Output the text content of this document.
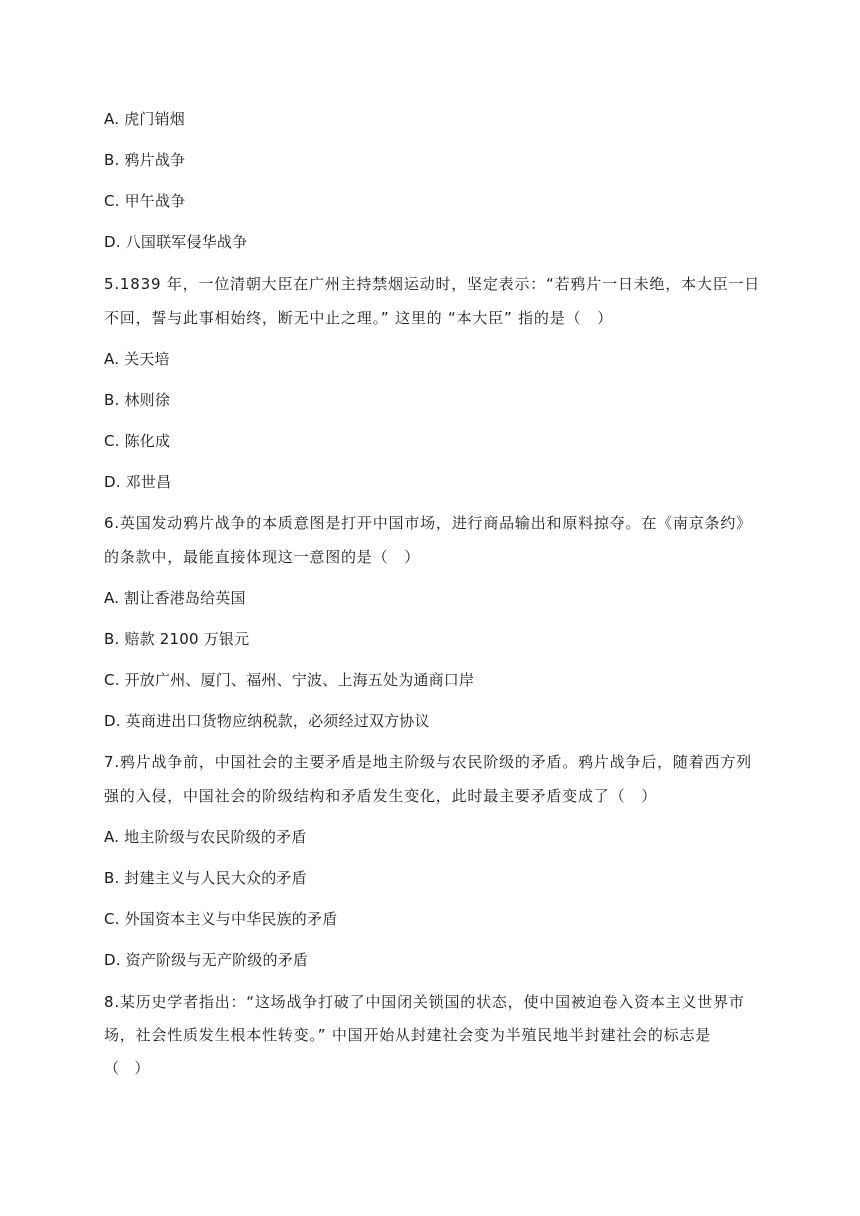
A. 虎门销烟
B. 鸦片战争
C. 甲午战争
D. 八国联军侵华战争
5.1839 年，一位清朝大臣在广州主持禁烟运动时，坚定表示：“若鸦片一日未绝，本大臣一日
不回，誓与此事相始终，断无中止之理。” 这里的 “本大臣” 指的是（　）
A. 关天培
B. 林则徐
C. 陈化成
D. 邓世昌
6.英国发动鸦片战争的本质意图是打开中国市场，进行商品输出和原料掠夺。在《南京条约》
的条款中，最能直接体现这一意图的是（　）
A. 割让香港岛给英国
B. 赔款 2100 万银元
C. 开放广州、厦门、福州、宁波、上海五处为通商口岸
D. 英商进出口货物应纳税款，必须经过双方协议
7.鸦片战争前，中国社会的主要矛盾是地主阶级与农民阶级的矛盾。鸦片战争后，随着西方列
强的入侵，中国社会的阶级结构和矛盾发生变化，此时最主要矛盾变成了（　）
A. 地主阶级与农民阶级的矛盾
B. 封建主义与人民大众的矛盾
C. 外国资本主义与中华民族的矛盾
D. 资产阶级与无产阶级的矛盾
8.某历史学者指出：“这场战争打破了中国闭关锁国的状态，使中国被迫卷入资本主义世界市
场，社会性质发生根本性转变。” 中国开始从封建社会变为半殖民地半封建社会的标志是
（　）
